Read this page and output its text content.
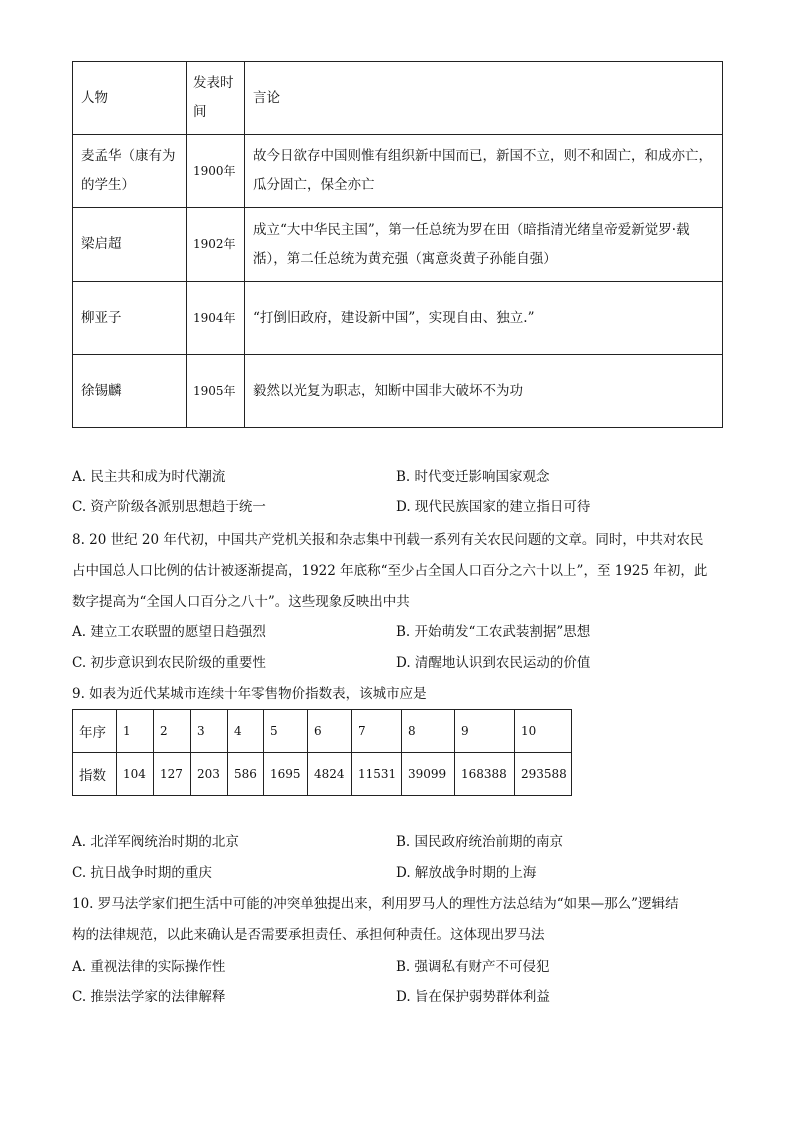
人物	发表时间	言论
麦孟华（康有为的学生）	1900年	故今日欲存中国则惟有组织新中国而已，新国不立，则不和固亡，和成亦亡，瓜分固亡，保全亦亡
梁启超	1902年	成立“大中华民主国”，第一任总统为罗在田（暗指清光绪皇帝爱新觉罗·载湉），第二任总统为黄充强（寓意炎黄子孙能自强）
柳亚子	1904年	“打倒旧政府，建设新中国”，实现自由、独立.”
徐锡麟	1905年	毅然以光复为职志，知断中国非大破坏不为功
A. 民主共和成为时代潮流	B. 时代变迁影响国家观念
C. 资产阶级各派别思想趋于统一	D. 现代民族国家的建立指日可待
8. 20 世纪 20 年代初，中国共产党机关报和杂志集中刊载一系列有关农民问题的文章。同时，中共对农民
占中国总人口比例的估计被逐渐提高，1922 年底称“至少占全国人口百分之六十以上”，至 1925 年初，此
数字提高为“全国人口百分之八十”。这些现象反映出中共
A. 建立工农联盟的愿望日趋强烈	B. 开始萌发“工农武装割据”思想
C. 初步意识到农民阶级的重要性	D. 清醒地认识到农民运动的价值
9. 如表为近代某城市连续十年零售物价指数表，该城市应是
年序	1	2	3	4	5	6	7	8	9	10
指数	104	127	203	586	1695	4824	11531	39099	168388	293588
A. 北洋军阀统治时期的北京	B. 国民政府统治前期的南京
C. 抗日战争时期的重庆	D. 解放战争时期的上海
10. 罗马法学家们把生活中可能的冲突单独提出来，利用罗马人的理性方法总结为“如果—那么”逻辑结
构的法律规范，以此来确认是否需要承担责任、承担何种责任。这体现出罗马法
A. 重视法律的实际操作性	B. 强调私有财产不可侵犯
C. 推崇法学家的法律解释	D. 旨在保护弱势群体利益
